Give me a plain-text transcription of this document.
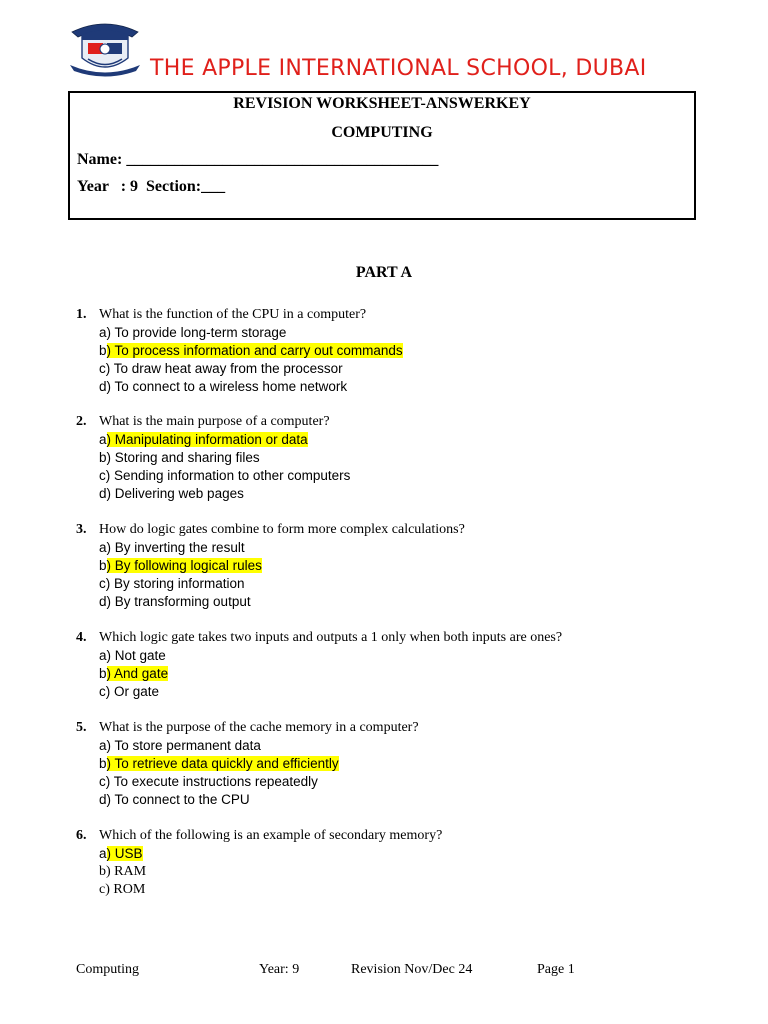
THE APPLE INTERNATIONAL SCHOOL, DUBAI
REVISION WORKSHEET-ANSWERKEY
COMPUTING
Name: _______________________________________
Year   : 9  Section:___
PART A
1. What is the function of the CPU in a computer?
a) To provide long-term storage
b) To process information and carry out commands
c) To draw heat away from the processor
d) To connect to a wireless home network
2. What is the main purpose of a computer?
a) Manipulating information or data
b) Storing and sharing files
c) Sending information to other computers
d) Delivering web pages
3. How do logic gates combine to form more complex calculations?
a) By inverting the result
b) By following logical rules
c) By storing information
d) By transforming output
4. Which logic gate takes two inputs and outputs a 1 only when both inputs are ones?
a) Not gate
b) And gate
c) Or gate
5. What is the purpose of the cache memory in a computer?
a) To store permanent data
b) To retrieve data quickly and efficiently
c) To execute instructions repeatedly
d) To connect to the CPU
6. Which of the following is an example of secondary memory?
a) USB
b) RAM
c) ROM
Computing	Year: 9	Revision Nov/Dec 24	Page 1
